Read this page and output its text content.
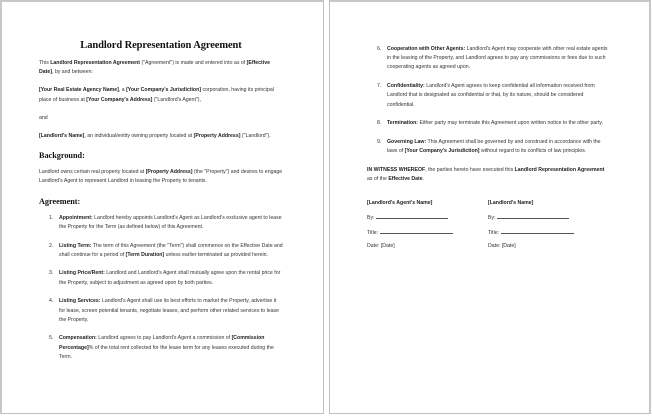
Landlord Representation Agreement

This Landlord Representation Agreement ("Agreement") is made and entered into as of [Effective Date], by and between:

[Your Real Estate Agency Name], a [Your Company's Jurisdiction] corporation, having its principal place of business at [Your Company's Address] ("Landlord's Agent"),

and

[Landlord's Name], an individual/entity owning property located at [Property Address] ("Landlord").

Background:

Landlord owns certain real property located at [Property Address] (the "Property") and desires to engage Landlord's Agent to represent Landlord in leasing the Property to tenants.

Agreement:
1. Appointment: Landlord hereby appoints Landlord's Agent as Landlord's exclusive agent to lease the Property for the Term (as defined below) of this Agreement.
2. Listing Term: The term of this Agreement (the "Term") shall commence on the Effective Date and shall continue for a period of [Term Duration] unless earlier terminated as provided herein.
3. Listing Price/Rent: Landlord and Landlord's Agent shall mutually agree upon the rental price for the Property, subject to adjustment as agreed upon by both parties.
4. Listing Services: Landlord's Agent shall use its best efforts to market the Property, advertise it for lease, screen potential tenants, negotiate leases, and perform other related services to lease the Property.
5. Compensation: Landlord agrees to pay Landlord's Agent a commission of [Commission Percentage]% of the total rent collected for the lease term for any leases executed during the Term.
6. Cooperation with Other Agents: Landlord's Agent may cooperate with other real estate agents in the leasing of the Property, and Landlord agrees to pay any commissions or fees due to such cooperating agents as agreed upon.
7. Confidentiality: Landlord's Agent agrees to keep confidential all information received from Landlord that is designated as confidential or that, by its nature, should be considered confidential.
8. Termination: Either party may terminate this Agreement upon written notice to the other party.
9. Governing Law: This Agreement shall be governed by and construed in accordance with the laws of [Your Company's Jurisdiction] without regard to its conflicts of law principles.

IN WITNESS WHEREOF, the parties hereto have executed this Landlord Representation Agreement as of the Effective Date.

[Landlord's Agent's Name]
By:
Title:
Date: [Date]
[Landlord's Name]
By:
Title:
Date: [Date]
